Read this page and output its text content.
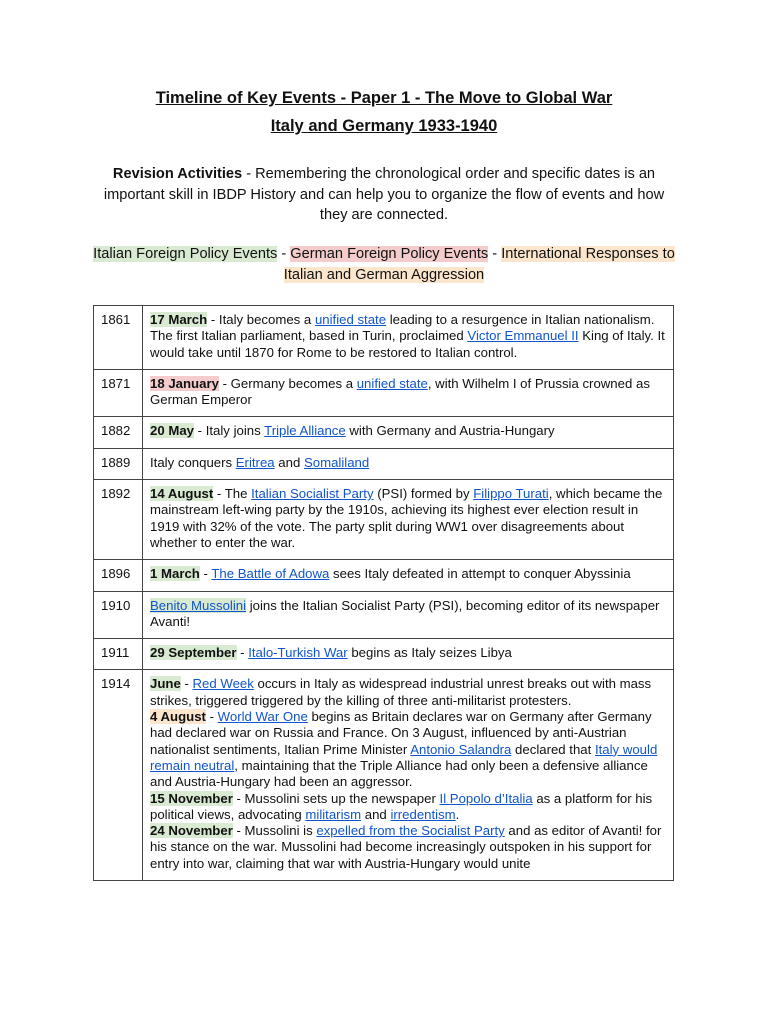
Timeline of Key Events - Paper 1 - The Move to Global War
Italy and Germany 1933-1940
Revision Activities - Remembering the chronological order and specific dates is an important skill in IBDP History and can help you to organize the flow of events and how they are connected.
Italian Foreign Policy Events - German Foreign Policy Events - International Responses to Italian and German Aggression
1861	17 March - Italy becomes a unified state leading to a resurgence in Italian nationalism. The first Italian parliament, based in Turin, proclaimed Victor Emmanuel II King of Italy. It would take until 1870 for Rome to be restored to Italian control.
1871	18 January - Germany becomes a unified state, with Wilhelm I of Prussia crowned as German Emperor
1882	20 May - Italy joins Triple Alliance with Germany and Austria-Hungary
1889	Italy conquers Eritrea and Somaliland
1892	14 August - The Italian Socialist Party (PSI) formed by Filippo Turati, which became the mainstream left-wing party by the 1910s, achieving its highest ever election result in 1919 with 32% of the vote. The party split during WW1 over disagreements about whether to enter the war.
1896	1 March - The Battle of Adowa sees Italy defeated in attempt to conquer Abyssinia
1910	Benito Mussolini joins the Italian Socialist Party (PSI), becoming editor of its newspaper Avanti!
1911	29 September - Italo-Turkish War begins as Italy seizes Libya
1914	June - Red Week occurs in Italy as widespread industrial unrest breaks out with mass strikes, triggered triggered by the killing of three anti-militarist protesters.
4 August - World War One begins as Britain declares war on Germany after Germany had declared war on Russia and France. On 3 August, influenced by anti-Austrian nationalist sentiments, Italian Prime Minister Antonio Salandra declared that Italy would remain neutral, maintaining that the Triple Alliance had only been a defensive alliance and Austria-Hungary had been an aggressor.
15 November - Mussolini sets up the newspaper Il Popolo d’Italia as a platform for his political views, advocating militarism and irredentism.
24 November - Mussolini is expelled from the Socialist Party and as editor of Avanti! for his stance on the war. Mussolini had become increasingly outspoken in his support for entry into war, claiming that war with Austria-Hungary would unite
